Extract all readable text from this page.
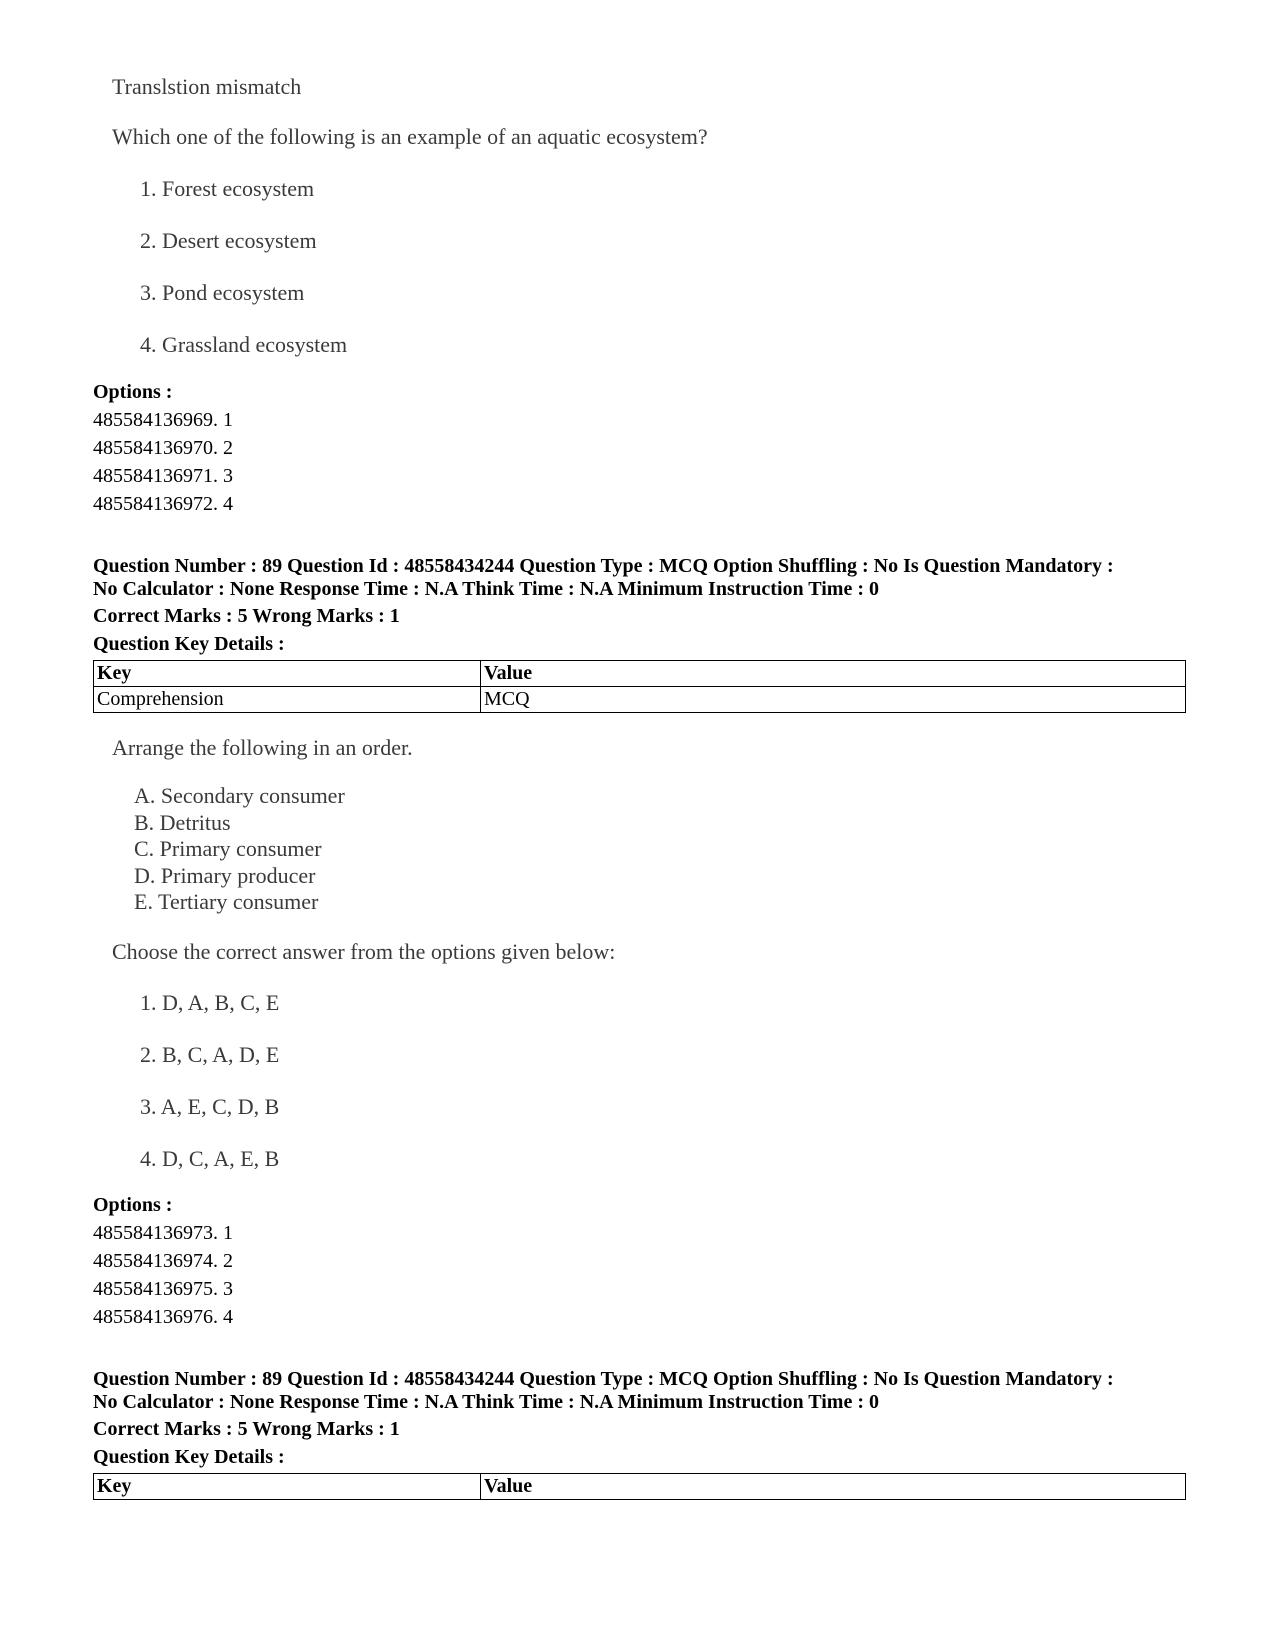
Translstion mismatch
Which one of the following is an example of an aquatic ecosystem?
1. Forest ecosystem
2. Desert ecosystem
3. Pond ecosystem
4. Grassland ecosystem
Options :
485584136969. 1
485584136970. 2
485584136971. 3
485584136972. 4
Question Number : 89 Question Id : 48558434244 Question Type : MCQ Option Shuffling : No Is Question Mandatory :
No Calculator : None Response Time : N.A Think Time : N.A Minimum Instruction Time : 0
Correct Marks : 5 Wrong Marks : 1
Question Key Details :
Key	Value
Comprehension	MCQ
Arrange the following in an order.
A. Secondary consumer
B. Detritus
C. Primary consumer
D. Primary producer
E. Tertiary consumer
Choose the correct answer from the options given below:
1. D, A, B, C, E
2. B, C, A, D, E
3. A, E, C, D, B
4. D, C, A, E, B
Options :
485584136973. 1
485584136974. 2
485584136975. 3
485584136976. 4
Question Number : 89 Question Id : 48558434244 Question Type : MCQ Option Shuffling : No Is Question Mandatory :
No Calculator : None Response Time : N.A Think Time : N.A Minimum Instruction Time : 0
Correct Marks : 5 Wrong Marks : 1
Question Key Details :
Key	Value
